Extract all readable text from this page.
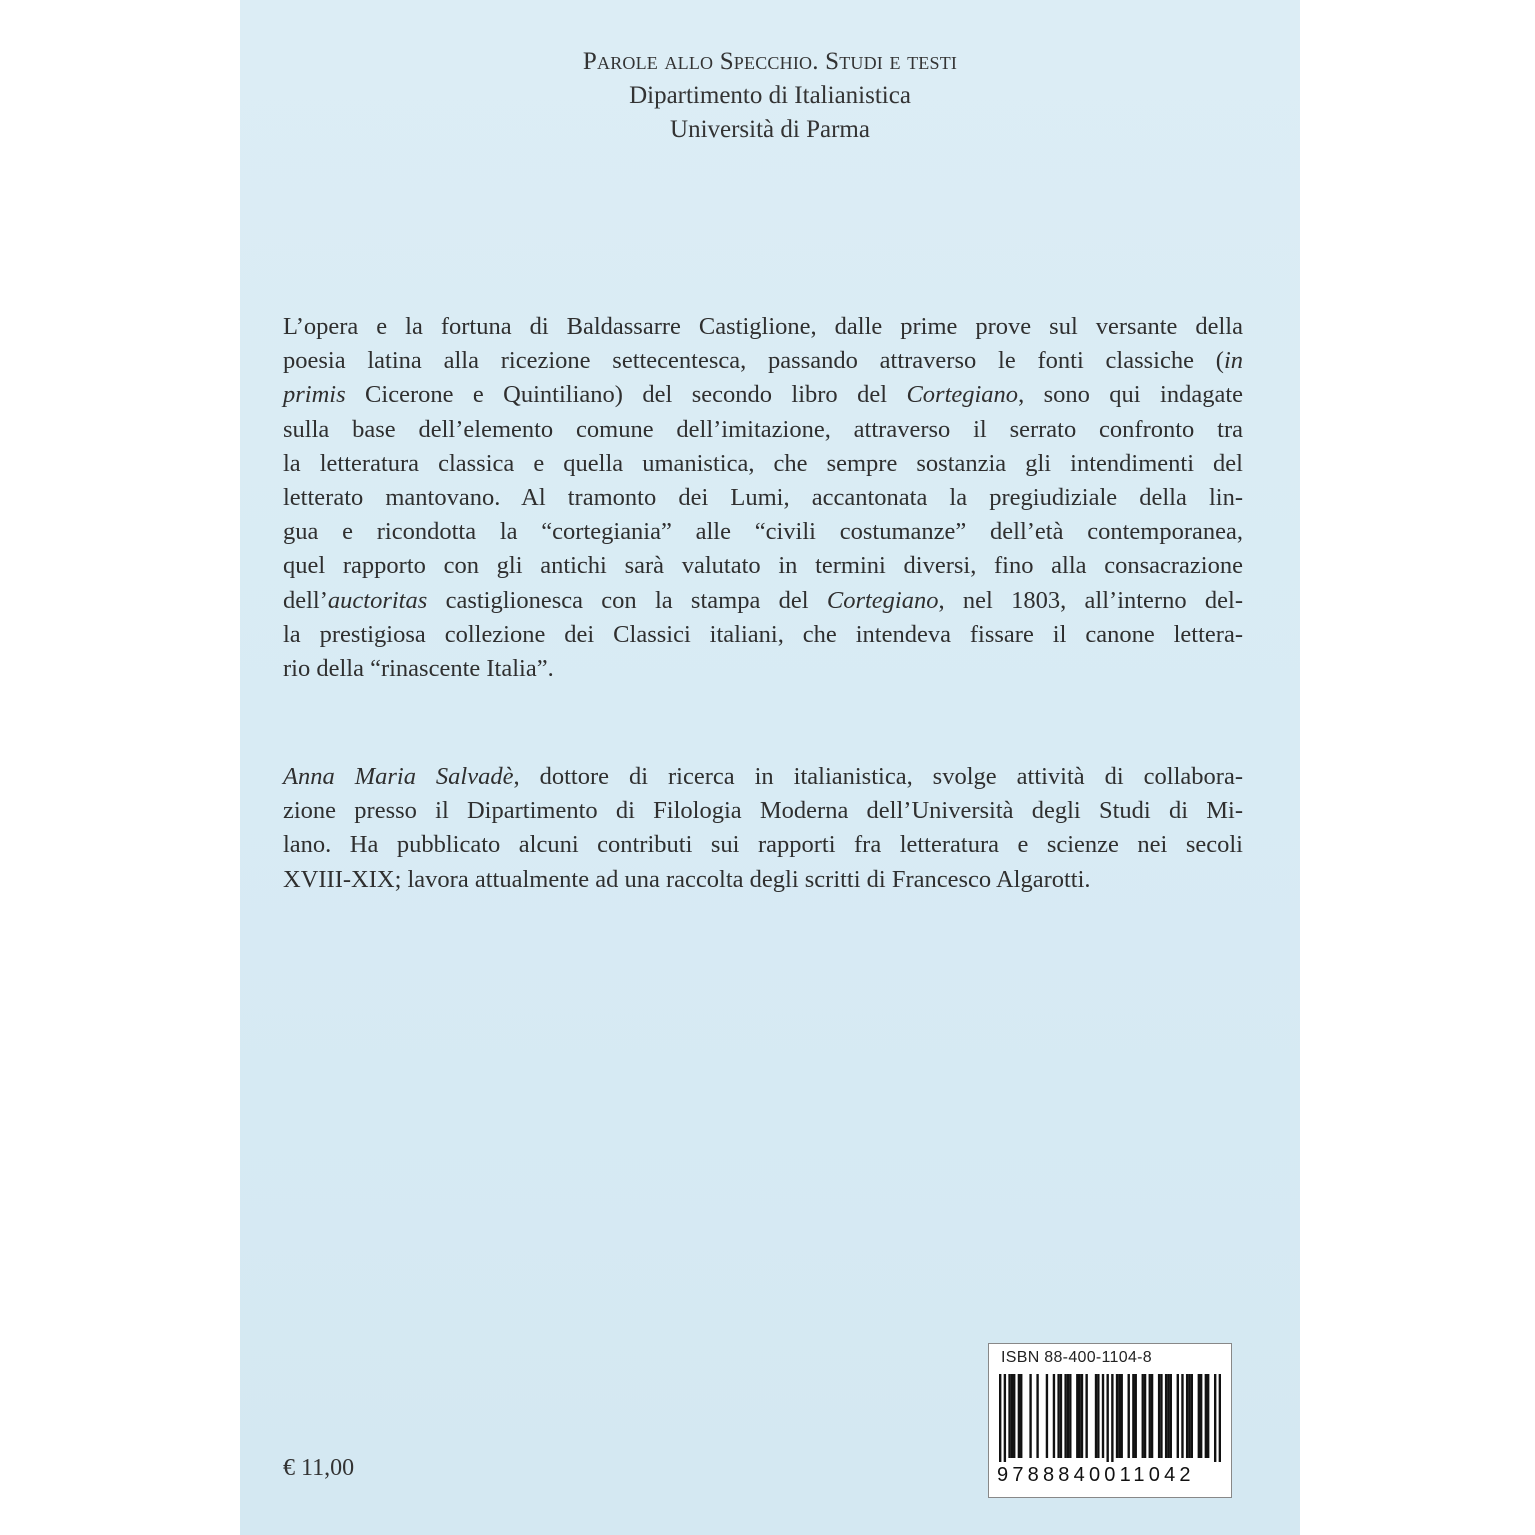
Parole allo Specchio. Studi e testi
Dipartimento di Italianistica
Università di Parma
L’opera e la fortuna di Baldassarre Castiglione, dalle prime prove sul versante della
poesia latina alla ricezione settecentesca, passando attraverso le fonti classiche (in
primis Cicerone e Quintiliano) del secondo libro del Cortegiano, sono qui indagate
sulla base dell’elemento comune dell’imitazione, attraverso il serrato confronto tra
la letteratura classica e quella umanistica, che sempre sostanzia gli intendimenti del
letterato mantovano. Al tramonto dei Lumi, accantonata la pregiudiziale della lin-
gua e ricondotta la “cortegiania” alle “civili costumanze” dell’età contemporanea,
quel rapporto con gli antichi sarà valutato in termini diversi, fino alla consacrazione
dell’auctoritas castiglionesca con la stampa del Cortegiano, nel 1803, all’interno del-
la prestigiosa collezione dei Classici italiani, che intendeva fissare il canone lettera-
rio della “rinascente Italia”.
Anna Maria Salvadè, dottore di ricerca in italianistica, svolge attività di collabora-
zione presso il Dipartimento di Filologia Moderna dell’Università degli Studi di Mi-
lano. Ha pubblicato alcuni contributi sui rapporti fra letteratura e scienze nei secoli
XVIII-XIX; lavora attualmente ad una raccolta degli scritti di Francesco Algarotti.
€ 11,00
ISBN 88-400-1104-8
9788840011042
